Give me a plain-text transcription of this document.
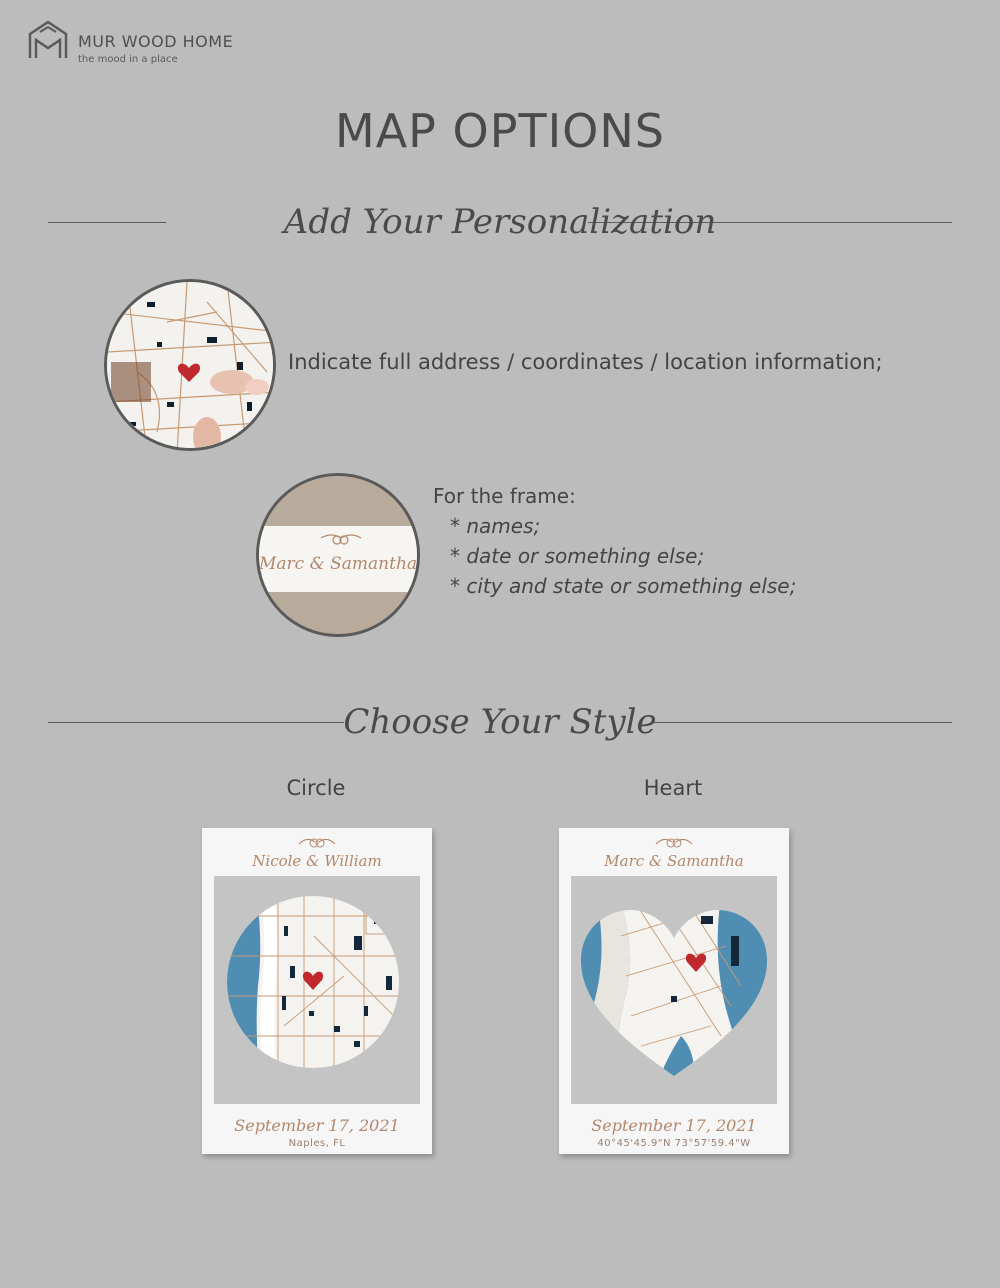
MUR WOOD HOME
the mood in a place
MAP OPTIONS
Add Your Personalization
Indicate full address / coordinates / location information;
Marc & Samantha
For the frame:
* names;
* date or something else;
* city and state or something else;
Choose Your Style
Circle	Heart
Nicole & William
September 17, 2021
Naples, FL
Marc & Samantha
September 17, 2021
40°45'45.9"N 73°57'59.4"W
